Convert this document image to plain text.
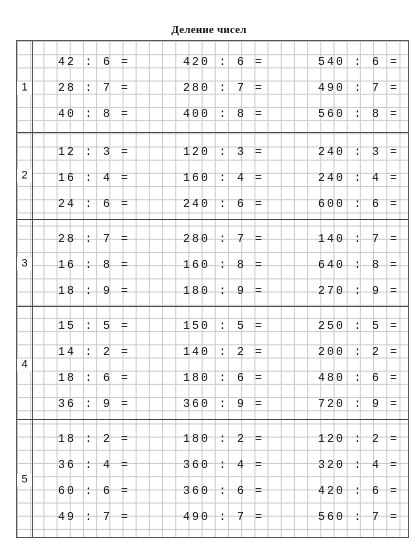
Деление чисел
1
42 : 6 =	420 : 6 =	540 : 6 =
28 : 7 =	280 : 7 =	490 : 7 =
40 : 8 =	400 : 8 =	560 : 8 =
2
12 : 3 =	120 : 3 =	240 : 3 =
16 : 4 =	160 : 4 =	240 : 4 =
24 : 6 =	240 : 6 =	600 : 6 =
3
28 : 7 =	280 : 7 =	140 : 7 =
16 : 8 =	160 : 8 =	640 : 8 =
18 : 9 =	180 : 9 =	270 : 9 =
4
15 : 5 =	150 : 5 =	250 : 5 =
14 : 2 =	140 : 2 =	200 : 2 =
18 : 6 =	180 : 6 =	480 : 6 =
36 : 9 =	360 : 9 =	720 : 9 =
5
18 : 2 =	180 : 2 =	120 : 2 =
36 : 4 =	360 : 4 =	320 : 4 =
60 : 6 =	360 : 6 =	420 : 6 =
49 : 7 =	490 : 7 =	560 : 7 =
